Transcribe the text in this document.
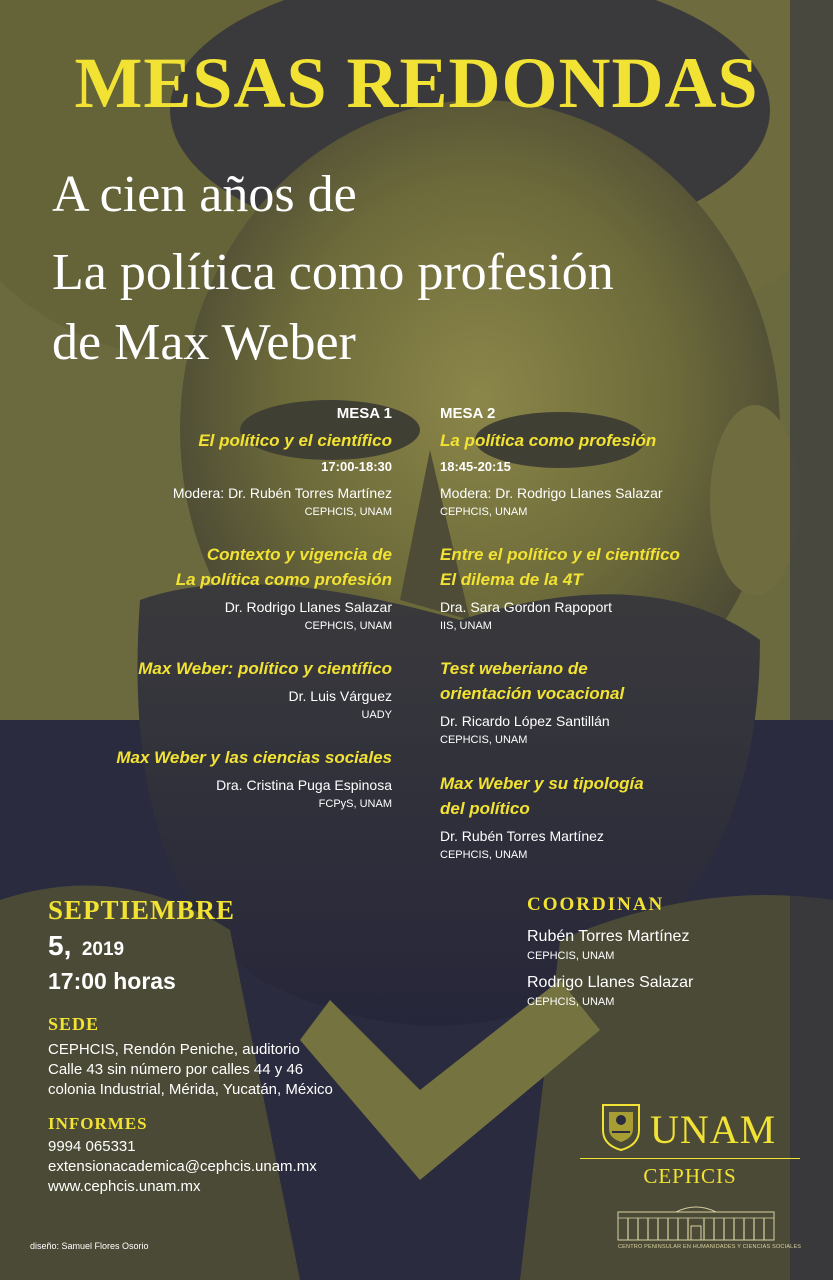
MESAS REDONDAS
A cien años de
La política como profesión
de Max Weber
MESA 1
El político y el científico
17:00-18:30
Modera: Dr. Rubén Torres Martínez
CEPHCIS, UNAM
Contexto y vigencia de
La política como profesión
Dr. Rodrigo Llanes Salazar
CEPHCIS, UNAM
Max Weber: político y científico
Dr. Luis Várguez
UADY
Max Weber y las ciencias sociales
Dra. Cristina Puga Espinosa
FCPyS, UNAM
MESA 2
La política como profesión
18:45-20:15
Modera: Dr. Rodrigo Llanes Salazar
CEPHCIS, UNAM
Entre el político y el científico
El dilema de la 4T
Dra. Sara Gordon Rapoport
IIS, UNAM
Test weberiano de
orientación vocacional
Dr. Ricardo López Santillán
CEPHCIS, UNAM
Max Weber y su tipología
del político
Dr. Rubén Torres Martínez
CEPHCIS, UNAM
SEPTIEMBRE
5, 2019
17:00 horas
SEDE
CEPHCIS, Rendón Peniche, auditorio
Calle 43 sin número por calles 44 y 46
colonia Industrial, Mérida, Yucatán, México
INFORMES
9994 065331
extensionacademica@cephcis.unam.mx
www.cephcis.unam.mx
diseño: Samuel Flores Osorio
COORDINAN
Rubén Torres Martínez
CEPHCIS, UNAM
Rodrigo Llanes Salazar
CEPHCIS, UNAM
UNAM
CEPHCIS
CENTRO PENINSULAR EN HUMANIDADES Y CIENCIAS SOCIALES
